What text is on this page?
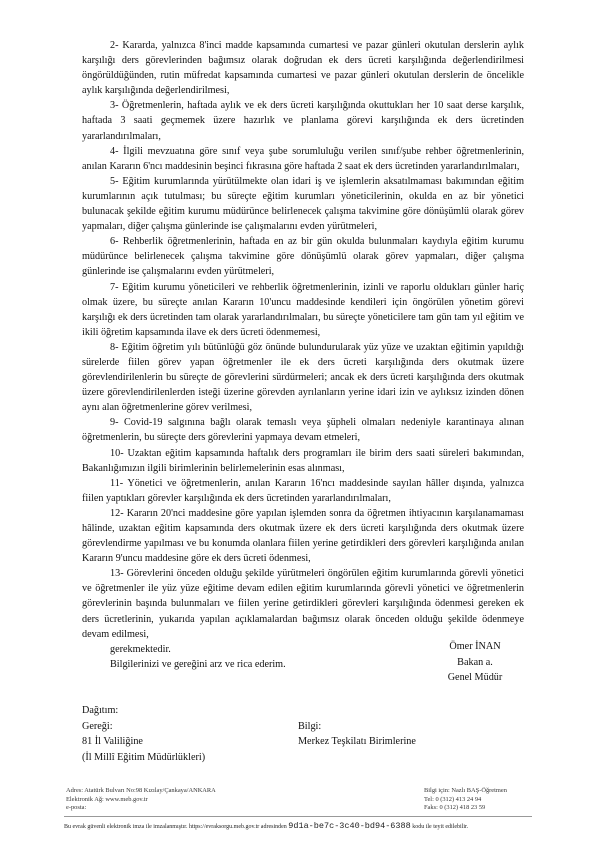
2- Kararda, yalnızca 8'inci madde kapsamında cumartesi ve pazar günleri okutulan derslerin aylık karşılığı ders görevlerinden bağımsız olarak doğrudan ek ders ücreti karşılığında değerlendirilmesi öngörüldüğünden, rutin müfredat kapsamında cumartesi ve pazar günleri okutulan derslerin de öncelikle aylık karşılığında değerlendirilmesi,

3- Öğretmenlerin, haftada aylık ve ek ders ücreti karşılığında okuttukları her 10 saat derse karşılık, haftada 3 saati geçmemek üzere hazırlık ve planlama görevi karşılığında ek ders ücretinden yararlandırılmaları,

4- İlgili mevzuatına göre sınıf veya şube sorumluluğu verilen sınıf/şube rehber öğretmenlerinin, anılan Kararın 6'ncı maddesinin beşinci fıkrasına göre haftada 2 saat ek ders ücretinden yararlandırılmaları,

5- Eğitim kurumlarında yürütülmekte olan idari iş ve işlemlerin aksatılmaması bakımından eğitim kurumlarının açık tutulması; bu süreçte eğitim kurumları yöneticilerinin, okulda en az bir yönetici bulunacak şekilde eğitim kurumu müdürünce belirlenecek çalışma takvimine göre dönüşümlü olarak görev yapmaları, diğer çalışma günlerinde ise çalışmalarını evden yürütmeleri,

6- Rehberlik öğretmenlerinin, haftada en az bir gün okulda bulunmaları kaydıyla eğitim kurumu müdürünce belirlenecek çalışma takvimine göre dönüşümlü olarak görev yapmaları, diğer çalışma günlerinde ise çalışmalarını evden yürütmeleri,

7- Eğitim kurumu yöneticileri ve rehberlik öğretmenlerinin, izinli ve raporlu oldukları günler hariç olmak üzere, bu süreçte anılan Kararın 10'uncu maddesinde kendileri için öngörülen yönetim görevi karşılığı ek ders ücretinden tam olarak yararlandırılmaları, bu süreçte yöneticilere tam gün tam yıl eğitim ve ikili öğretim kapsamında ilave ek ders ücreti ödenmemesi,

8- Eğitim öğretim yılı bütünlüğü göz önünde bulundurularak yüz yüze ve uzaktan eğitimin yapıldığı sürelerde fiilen görev yapan öğretmenler ile ek ders ücreti karşılığında ders okutmak üzere görevlendirilenlerin bu süreçte de görevlerini sürdürmeleri; ancak ek ders ücreti karşılığında ders okutmak üzere görevlendirilenlerden isteği üzerine görevden ayrılanların yerine idari izin ve aylıksız izinden dönen aynı alan öğretmenlerine görev verilmesi,

9- Covid-19 salgınına bağlı olarak temaslı veya şüpheli olmaları nedeniyle karantinaya alınan öğretmenlerin, bu süreçte ders görevlerini yapmaya devam etmeleri,

10- Uzaktan eğitim kapsamında haftalık ders programları ile birim ders saati süreleri bakımından, Bakanlığımızın ilgili birimlerinin belirlemelerinin esas alınması,

11- Yönetici ve öğretmenlerin, anılan Kararın 16'ncı maddesinde sayılan hâller dışında, yalnızca fiilen yaptıkları görevler karşılığında ek ders ücretinden yararlandırılmaları,

12- Kararın 20'nci maddesine göre yapılan işlemden sonra da öğretmen ihtiyacının karşılanamaması hâlinde, uzaktan eğitim kapsamında ders okutmak üzere ek ders ücreti karşılığında ders okutmak üzere görevlendirme yapılması ve bu konumda olanlara fiilen yerine getirdikleri ders görevleri karşılığında anılan Kararın 9'uncu maddesine göre ek ders ücreti ödenmesi,

13- Görevlerini önceden olduğu şekilde yürütmeleri öngörülen eğitim kurumlarında görevli yönetici ve öğretmenler ile yüz yüze eğitime devam edilen eğitim kurumlarında görevli yönetici ve öğretmenlerin görevlerinin başında bulunmaları ve fiilen yerine getirdikleri görevleri karşılığında ödenmesi gereken ek ders ücretlerinin, yukarıda yapılan açıklamalardan bağımsız olarak önceden olduğu şekilde ödenmeye devam edilmesi,

gerekmektedir.

Bilgilerinizi ve gereğini arz ve rica ederim.

Ömer İNAN
Bakan a.
Genel Müdür
Dağıtım:
Gereği:
81 İl Valiliğine
(İl Millî Eğitim Müdürlükleri)
Bilgi:
Merkez Teşkilatı Birimlerine
Adres: Atatürk Bulvarı No:98 Kızılay/Çankaya/ANKARA
Elektronik Ağ: www.meb.gov.tr
e-posta:
Bilgi için: Nazlı BAŞ-Öğretmen
Tel: 0 (312) 413 24 94
Faks: 0 (312) 418 23 59
Bu evrak güvenli elektronik imza ile imzalanmıştır. https://evraksorgu.meb.gov.tr adresinden 9d1a-be7c-3c40-bd94-6388 kodu ile teyit edilebilir.
